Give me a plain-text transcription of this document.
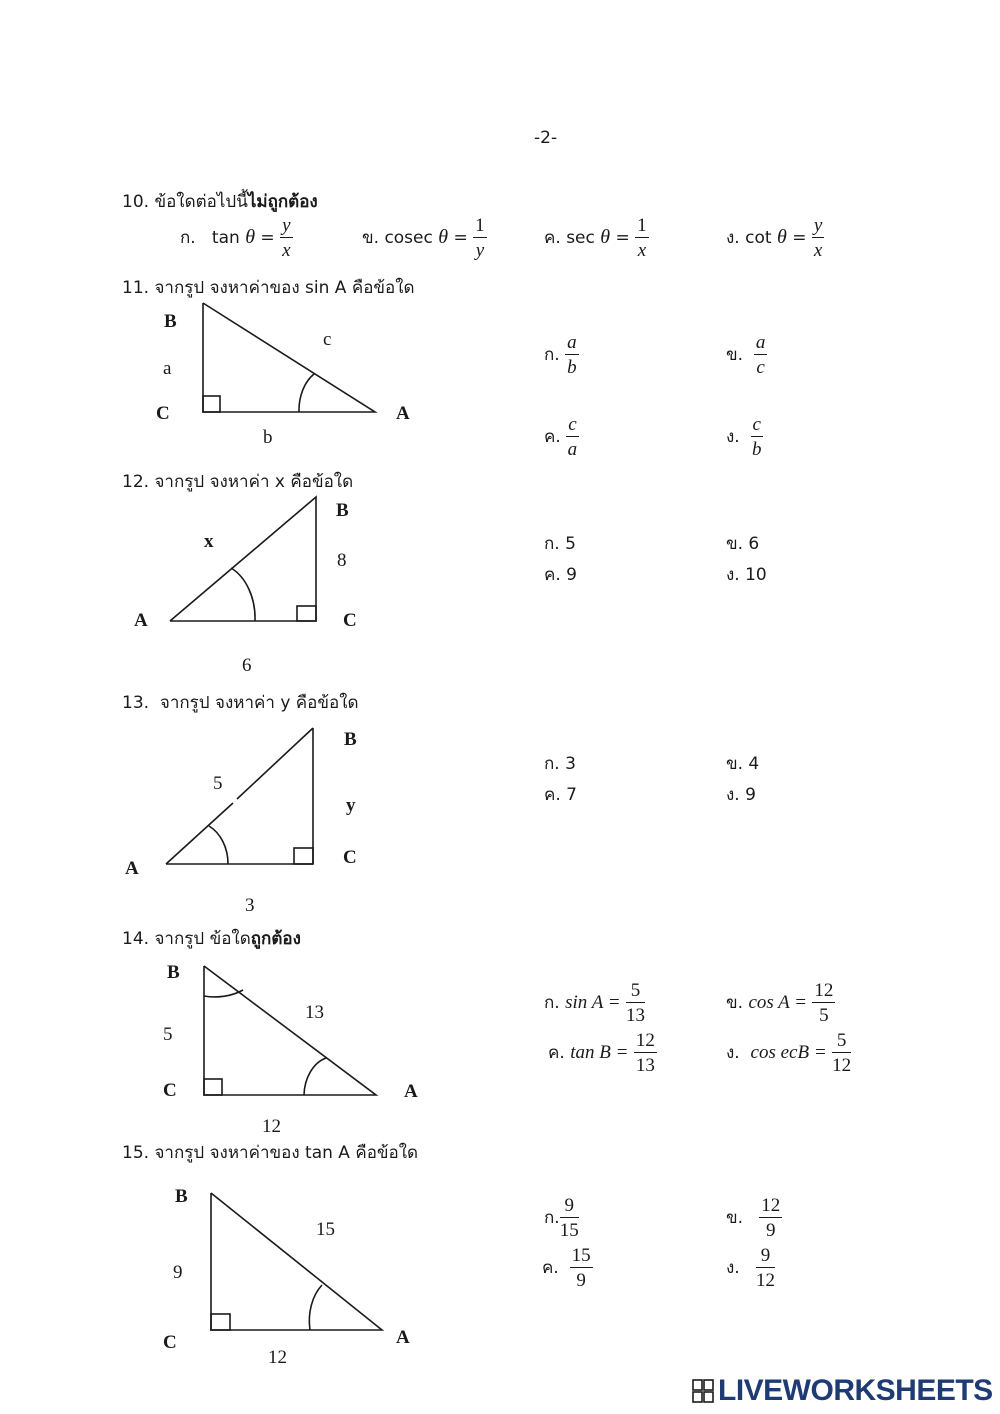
-2-
10. ข้อใดต่อไปนี้ไม่ถูกต้อง
ก. $\tan \theta = \frac{y}{x}$	ข. cosec $\theta = \frac{1}{y}$	ค. $\sec \theta = \frac{1}{x}$	ง. $\cot \theta = \frac{y}{x}$
11. จากรูป จงหาค่าของ sin A คือข้อใด
B
a
c
C	A
b
ก. $\frac{a}{b}$	ข. $\frac{a}{c}$
ค. $\frac{c}{a}$	ง. $\frac{c}{b}$
12. จากรูป จงหาค่า x คือข้อใด
B
x
8
A	C
6
ก. 5	ข. 6
ค. 9	ง. 10
13. จากรูป จงหาค่า y คือข้อใด
B
5
y
C
A
3
ก. 3	ข. 4
ค. 7	ง. 9
14. จากรูป ข้อใดถูกต้อง
B
13
5
C	A
12
ก. $\sin A = \frac{5}{13}$	ข. $\cos A = \frac{12}{5}$
ค. $\tan B = \frac{12}{13}$	ง. cos ecB = $\frac{5}{12}$
15. จากรูป จงหาค่าของ tan A คือข้อใด
B
15
9
C	A
12
ก. $\frac{9}{15}$	ข. $\frac{12}{9}$
ค. $\frac{15}{9}$	ง. $\frac{9}{12}$
LIVEWORKSHEETS
